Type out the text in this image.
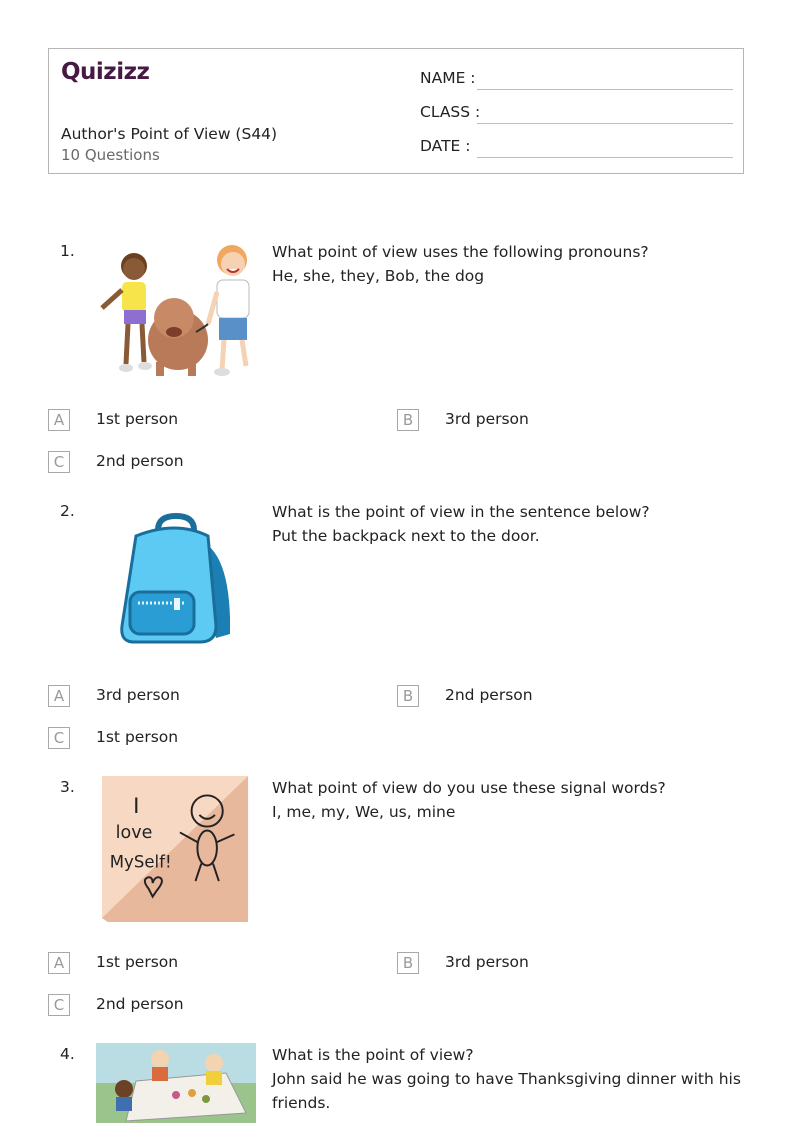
Quizizz
Author's Point of View (S44)
10 Questions
NAME :
CLASS :
DATE :
1.	What point of view uses the following pronouns?
He, she, they, Bob, the dog
A	1st person	B	3rd person
C	2nd person
2.	What is the point of view in the sentence below?
Put the backpack next to the door.
A	3rd person	B	2nd person
C	1st person
3.
I
love
MySelf!
What point of view do you use these signal words?
I, me, my, We, us, mine
A	1st person	B	3rd person
C	2nd person
4.	What is the point of view?
John said he was going to have Thanksgiving dinner with his friends.
